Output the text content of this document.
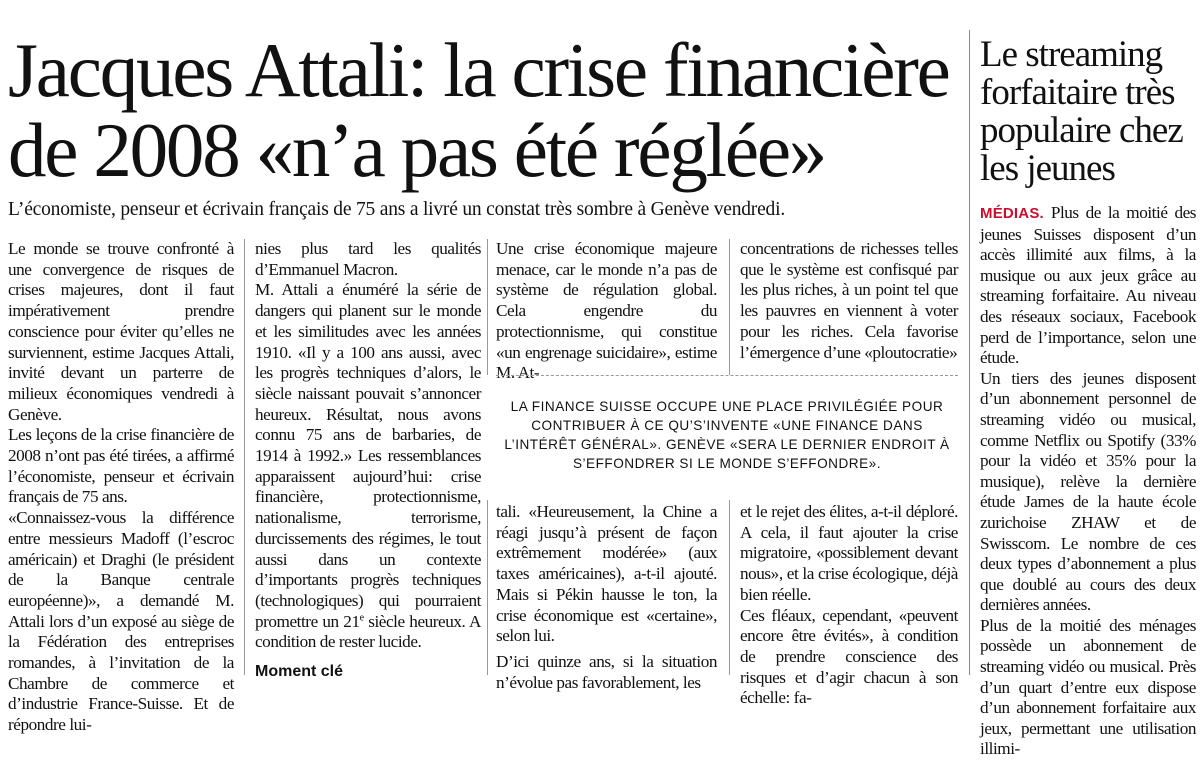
Jacques Attali: la crise financière de 2008 «n’a pas été réglée»
L’économiste, penseur et écrivain français de 75 ans a livré un constat très sombre à Genève vendredi.

Le monde se trouve confronté à une convergence de risques de crises majeures, dont il faut impérativement prendre conscience pour éviter qu’elles ne surviennent, estime Jacques Attali, invité devant un parterre de milieux économiques vendredi à Genève.

Les leçons de la crise financière de 2008 n’ont pas été tirées, a affirmé l’économiste, penseur et écrivain français de 75 ans.

«Connaissez-vous la différence entre messieurs Madoff (l’escroc américain) et Draghi (le président de la Banque centrale européenne)», a demandé M. Attali lors d’un exposé au siège de la Fédération des entreprises romandes, à l’invitation de la Chambre de commerce et d’industrie France-Suisse. Et de répondre lui-

nies plus tard les qualités d’Emmanuel Macron.

M. Attali a énuméré la série de dangers qui planent sur le monde et les similitudes avec les années 1910. «Il y a 100 ans aussi, avec les progrès techniques d’alors, le siècle naissant pouvait s’annoncer heureux. Résultat, nous avons connu 75 ans de barbaries, de 1914 à 1992.» Les ressemblances apparaissent aujourd’hui: crise financière, protectionnisme, nationalisme, terrorisme, durcissements des régimes, le tout aussi dans un contexte d’importants progrès techniques (technologiques) qui pourraient promettre un 21e siècle heureux. A condition de rester lucide.

Moment clé

Une crise économique majeure menace, car le monde n’a pas de système de régulation global. Cela engendre du protectionnisme, qui constitue «un engrenage suicidaire», estime M. At-

concentrations de richesses telles que le système est confisqué par les plus riches, à un point tel que les pauvres en viennent à voter pour les riches. Cela favorise l’émergence d’une «ploutocratie»

LA FINANCE SUISSE OCCUPE UNE PLACE PRIVILÉGIÉE POUR CONTRIBUER À CE QU’S’INVENTE «UNE FINANCE DANS L’INTÉRÊT GÉNÉRAL». GENÈVE «SERA LE DERNIER ENDROIT À S’EFFONDRER SI LE MONDE S’EFFONDRE».

tali. «Heureusement, la Chine a réagi jusqu’à présent de façon extrêmement modérée» (aux taxes américaines), a-t-il ajouté. Mais si Pékin hausse le ton, la crise économique est «certaine», selon lui.

D’ici quinze ans, si la situation n’évolue pas favorablement, les

et le rejet des élites, a-t-il déploré. A cela, il faut ajouter la crise migratoire, «possiblement devant nous», et la crise écologique, déjà bien réelle.

Ces fléaux, cependant, «peuvent encore être évités», à condition de prendre conscience des risques et d’agir chacun à son échelle: fa-

Le streaming forfaitaire très populaire chez les jeunes

MÉDIAS. Plus de la moitié des jeunes Suisses disposent d’un accès illimité aux films, à la musique ou aux jeux grâce au streaming forfaitaire. Au niveau des réseaux sociaux, Facebook perd de l’importance, selon une étude.

Un tiers des jeunes disposent d’un abonnement personnel de streaming vidéo ou musical, comme Netflix ou Spotify (33% pour la vidéo et 35% pour la musique), relève la dernière étude James de la haute école zurichoise ZHAW et de Swisscom. Le nombre de ces deux types d’abonnement a plus que doublé au cours des deux dernières années.

Plus de la moitié des ménages possède un abonnement de streaming vidéo ou musical. Près d’un quart d’entre eux dispose d’un abonnement forfaitaire aux jeux, permettant une utilisation illimi-
